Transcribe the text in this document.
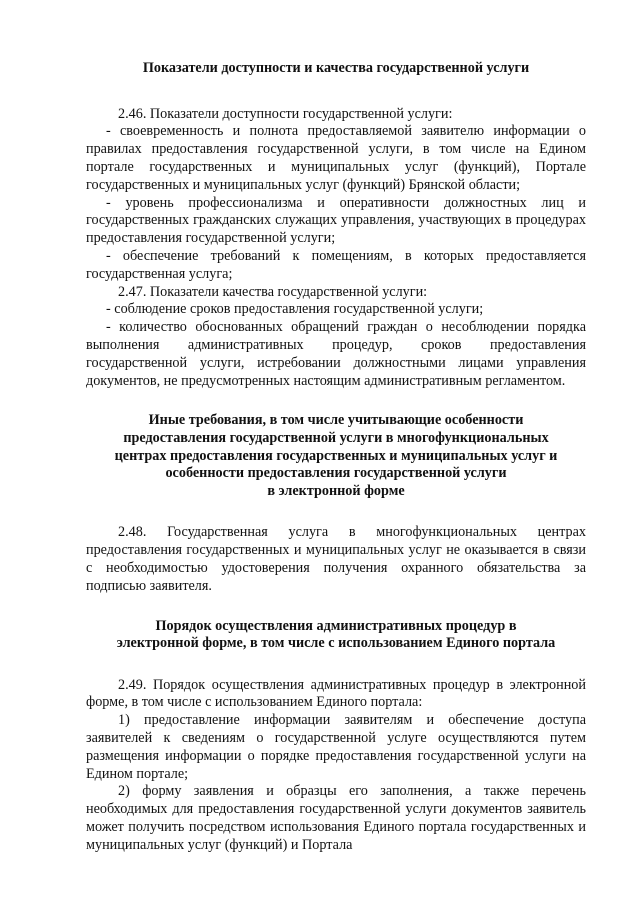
Показатели доступности и качества государственной услуги

2.46. Показатели доступности государственной услуги:

- своевременность и полнота предоставляемой заявителю информации о правилах предоставления государственной услуги, в том числе на Едином портале государственных и муниципальных услуг (функций), Портале государственных и муниципальных услуг (функций) Брянской области;

- уровень профессионализма и оперативности должностных лиц и государственных гражданских служащих управления, участвующих в процедурах предоставления государственной услуги;

- обеспечение требований к помещениям, в которых предоставляется государственная услуга;

2.47. Показатели качества государственной услуги:

- соблюдение сроков предоставления государственной услуги;

- количество обоснованных обращений граждан о несоблюдении порядка выполнения административных процедур, сроков предоставления государственной услуги, истребовании должностными лицами управления документов, не предусмотренных настоящим административным регламентом.

Иные требования, в том числе учитывающие особенности
предоставления государственной услуги в многофункциональных
центрах предоставления государственных и муниципальных услуг и
особенности предоставления государственной услуги
в электронной форме

2.48. Государственная услуга в многофункциональных центрах предоставления государственных и муниципальных услуг не оказывается в связи с необходимостью удостоверения получения охранного обязательства за подписью заявителя.

Порядок осуществления административных процедур в
электронной форме, в том числе с использованием Единого портала

2.49. Порядок осуществления административных процедур в электронной форме, в том числе с использованием Единого портала:

1) предоставление информации заявителям и обеспечение доступа заявителей к сведениям о государственной услуге осуществляются путем размещения информации о порядке предоставления государственной услуги на Едином портале;

2) форму заявления и образцы его заполнения, а также перечень необходимых для предоставления государственной услуги документов заявитель может получить посредством использования Единого портала государственных и муниципальных услуг (функций) и Портала
